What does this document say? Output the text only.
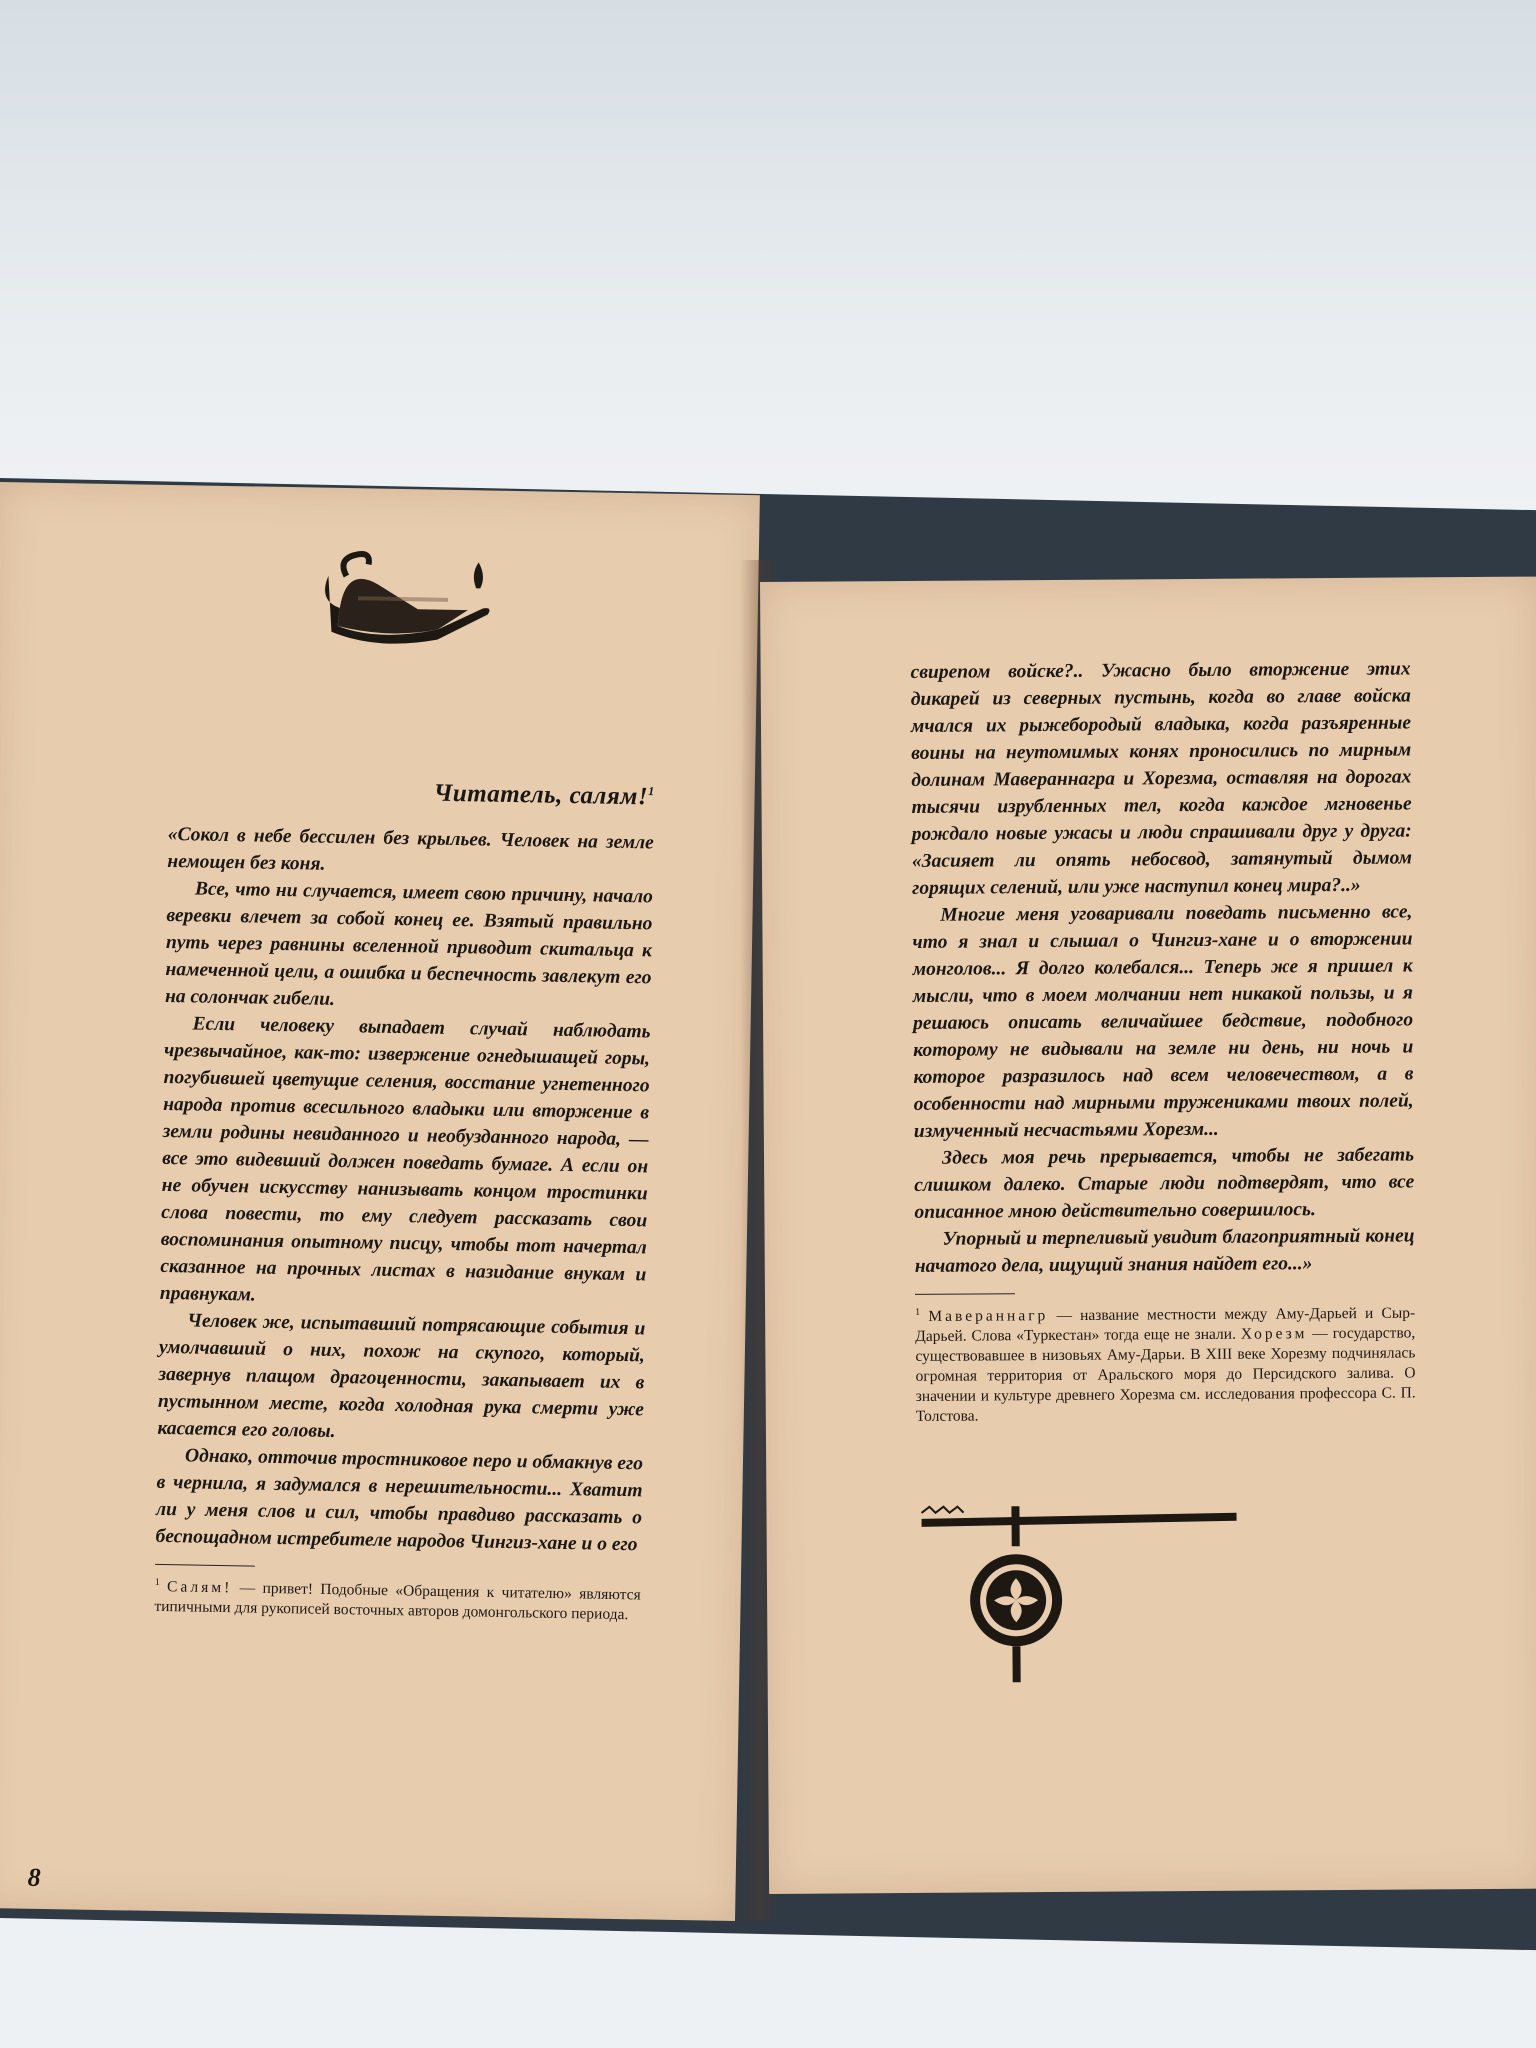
Читатель, салям!$^1$

«Сокол в небе бессилен без крыльев. Человек на земле немощен без коня.

Все, что ни случается, имеет свою причину, начало веревки влечет за собой конец ее. Взятый правильно путь через равнины вселенной приводит скитальца к намеченной цели, а ошибка и беспечность завлекут его на солончак гибели.

Если человеку выпадает случай наблюдать чрезвычайное, как-то: извержение огнедышащей горы, погубившей цветущие селения, восстание угнетенного народа против всесильного владыки или вторжение в земли родины невиданного и необузданного народа, — все это видевший должен поведать бумаге. А если он не обучен искусству нанизывать концом тростинки слова повести, то ему следует рассказать свои воспоминания опытному писцу, чтобы тот начертал сказанное на прочных листах в назидание внукам и правнукам.

Человек же, испытавший потрясающие события и умолчавший о них, похож на скупого, который, завернув плащом драгоценности, закапывает их в пустынном месте, когда холодная рука смерти уже касается его головы.

Однако, отточив тростниковое перо и обмакнув его в чернила, я задумался в нерешительности... Хватит ли у меня слов и сил, чтобы правдиво рассказать о беспощадном истребителе народов Чингиз-хане и о его

$^1$ Салям! — привет! Подобные «Обращения к читателю» являются типичными для рукописей восточных авторов домонгольского периода.
8

свирепом войске?.. Ужасно было вторжение этих дикарей из северных пустынь, когда во главе войска мчался их рыжебородый владыка, когда разъяренные воины на неутомимых конях проносились по мирным долинам Мавераннагра и Хорезма, оставляя на дорогах тысячи изрубленных тел, когда каждое мгновенье рождало новые ужасы и люди спрашивали друг у друга: «Засияет ли опять небосвод, затянутый дымом горящих селений, или уже наступил конец мира?..»

Многие меня уговаривали поведать письменно все, что я знал и слышал о Чингиз-хане и о вторжении монголов... Я долго колебался... Теперь же я пришел к мысли, что в моем молчании нет никакой пользы, и я решаюсь описать величайшее бедствие, подобного которому не видывали на земле ни день, ни ночь и которое разразилось над всем человечеством, а в особенности над мирными тружениками твоих полей, измученный несчастьями Хорезм...

Здесь моя речь прерывается, чтобы не забегать слишком далеко. Старые люди подтвердят, что все описанное мною действительно совершилось.

Упорный и терпеливый увидит благоприятный конец начатого дела, ищущий знания найдет его...»

$^1$ Мавераннагр — название местности между Аму-Дарьей и Сыр-Дарьей. Слова «Туркестан» тогда еще не знали. Хорезм — государство, существовавшее в низовьях Аму-Дарьи. В XIII веке Хорезму подчинялась огромная территория от Аральского моря до Персидского залива. О значении и культуре древнего Хорезма см. исследования профессора С. П. Толстова.
